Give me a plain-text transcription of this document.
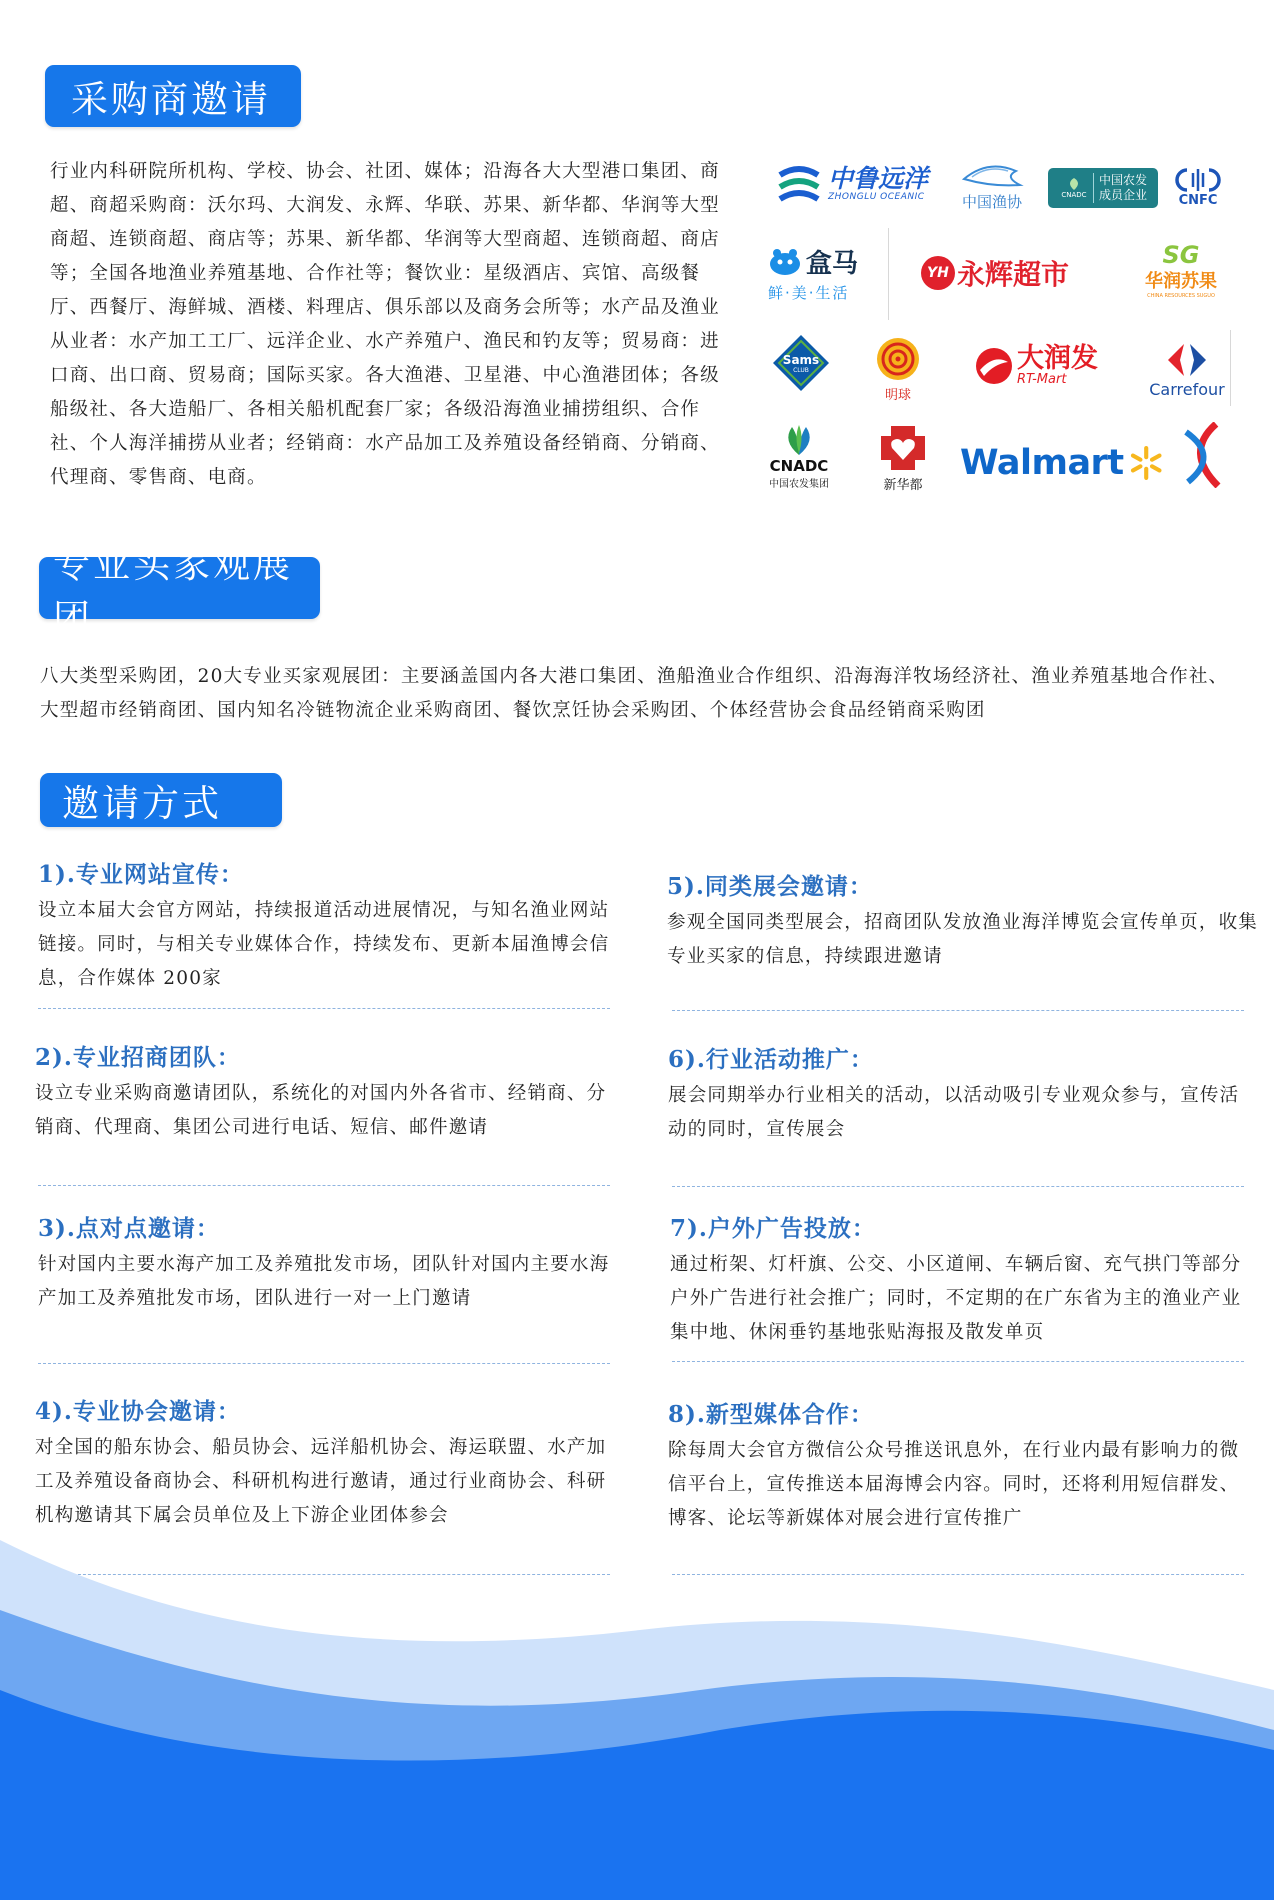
采购商邀请

行业内科研院所机构、学校、协会、社团、媒体；沿海各大大型港口集团、商超、商超采购商：沃尔玛、大润发、永辉、华联、苏果、新华都、华润等大型商超、连锁商超、商店等；苏果、新华都、华润等大型商超、连锁商超、商店等；全国各地渔业养殖基地、合作社等；餐饮业：星级酒店、宾馆、高级餐厅、西餐厅、海鲜城、酒楼、料理店、俱乐部以及商务会所等；水产品及渔业从业者：水产加工工厂、远洋企业、水产养殖户、渔民和钓友等；贸易商：进口商、出口商、贸易商；国际买家。各大渔港、卫星港、中心渔港团体；各级船级社、各大造船厂、各相关船机配套厂家；各级沿海渔业捕捞组织、合作社、个人海洋捕捞从业者；经销商：水产品加工及养殖设备经销商、分销商、代理商、零售商、电商。

中鲁远洋
ZHONGLU OCEANIC 中国渔协	CNADC
中国农发
成员企业 CNFC
盒马
鲜·美·生活
YH 永辉超市
SG
华润苏果
CHINA RESOURCES SUGUO
Sams
CLUB
明球
大润发
RT-Mart	Carrefour
CNADC
中国农发集团	新华都
Walmart
专业买家观展团

八大类型采购团，20大专业买家观展团：主要涵盖国内各大港口集团、渔船渔业合作组织、沿海海洋牧场经济社、渔业养殖基地合作社、大型超市经销商团、国内知名冷链物流企业采购商团、餐饮烹饪协会采购团、个体经营协会食品经销商采购团

邀请方式
1).专业网站宣传：

设立本届大会官方网站，持续报道活动进展情况，与知名渔业网站链接。同时，与相关专业媒体合作，持续发布、更新本届渔博会信息，合作媒体 200家

2).专业招商团队：

设立专业采购商邀请团队，系统化的对国内外各省市、经销商、分销商、代理商、集团公司进行电话、短信、邮件邀请

3).点对点邀请：

针对国内主要水海产加工及养殖批发市场，团队针对国内主要水海产加工及养殖批发市场，团队进行一对一上门邀请

4).专业协会邀请：

对全国的船东协会、船员协会、远洋船机协会、海运联盟、水产加工及养殖设备商协会、科研机构进行邀请，通过行业商协会、科研机构邀请其下属会员单位及上下游企业团体参会

5).同类展会邀请：

参观全国同类型展会，招商团队发放渔业海洋博览会宣传单页，收集专业买家的信息，持续跟进邀请

6).行业活动推广：

展会同期举办行业相关的活动，以活动吸引专业观众参与，宣传活动的同时，宣传展会

7).户外广告投放：

通过桁架、灯杆旗、公交、小区道闸、车辆后窗、充气拱门等部分户外广告进行社会推广；同时，不定期的在广东省为主的渔业产业集中地、休闲垂钓基地张贴海报及散发单页

8).新型媒体合作：

除每周大会官方微信公众号推送讯息外，在行业内最有影响力的微信平台上，宣传推送本届海博会内容。同时，还将利用短信群发、博客、论坛等新媒体对展会进行宣传推广
